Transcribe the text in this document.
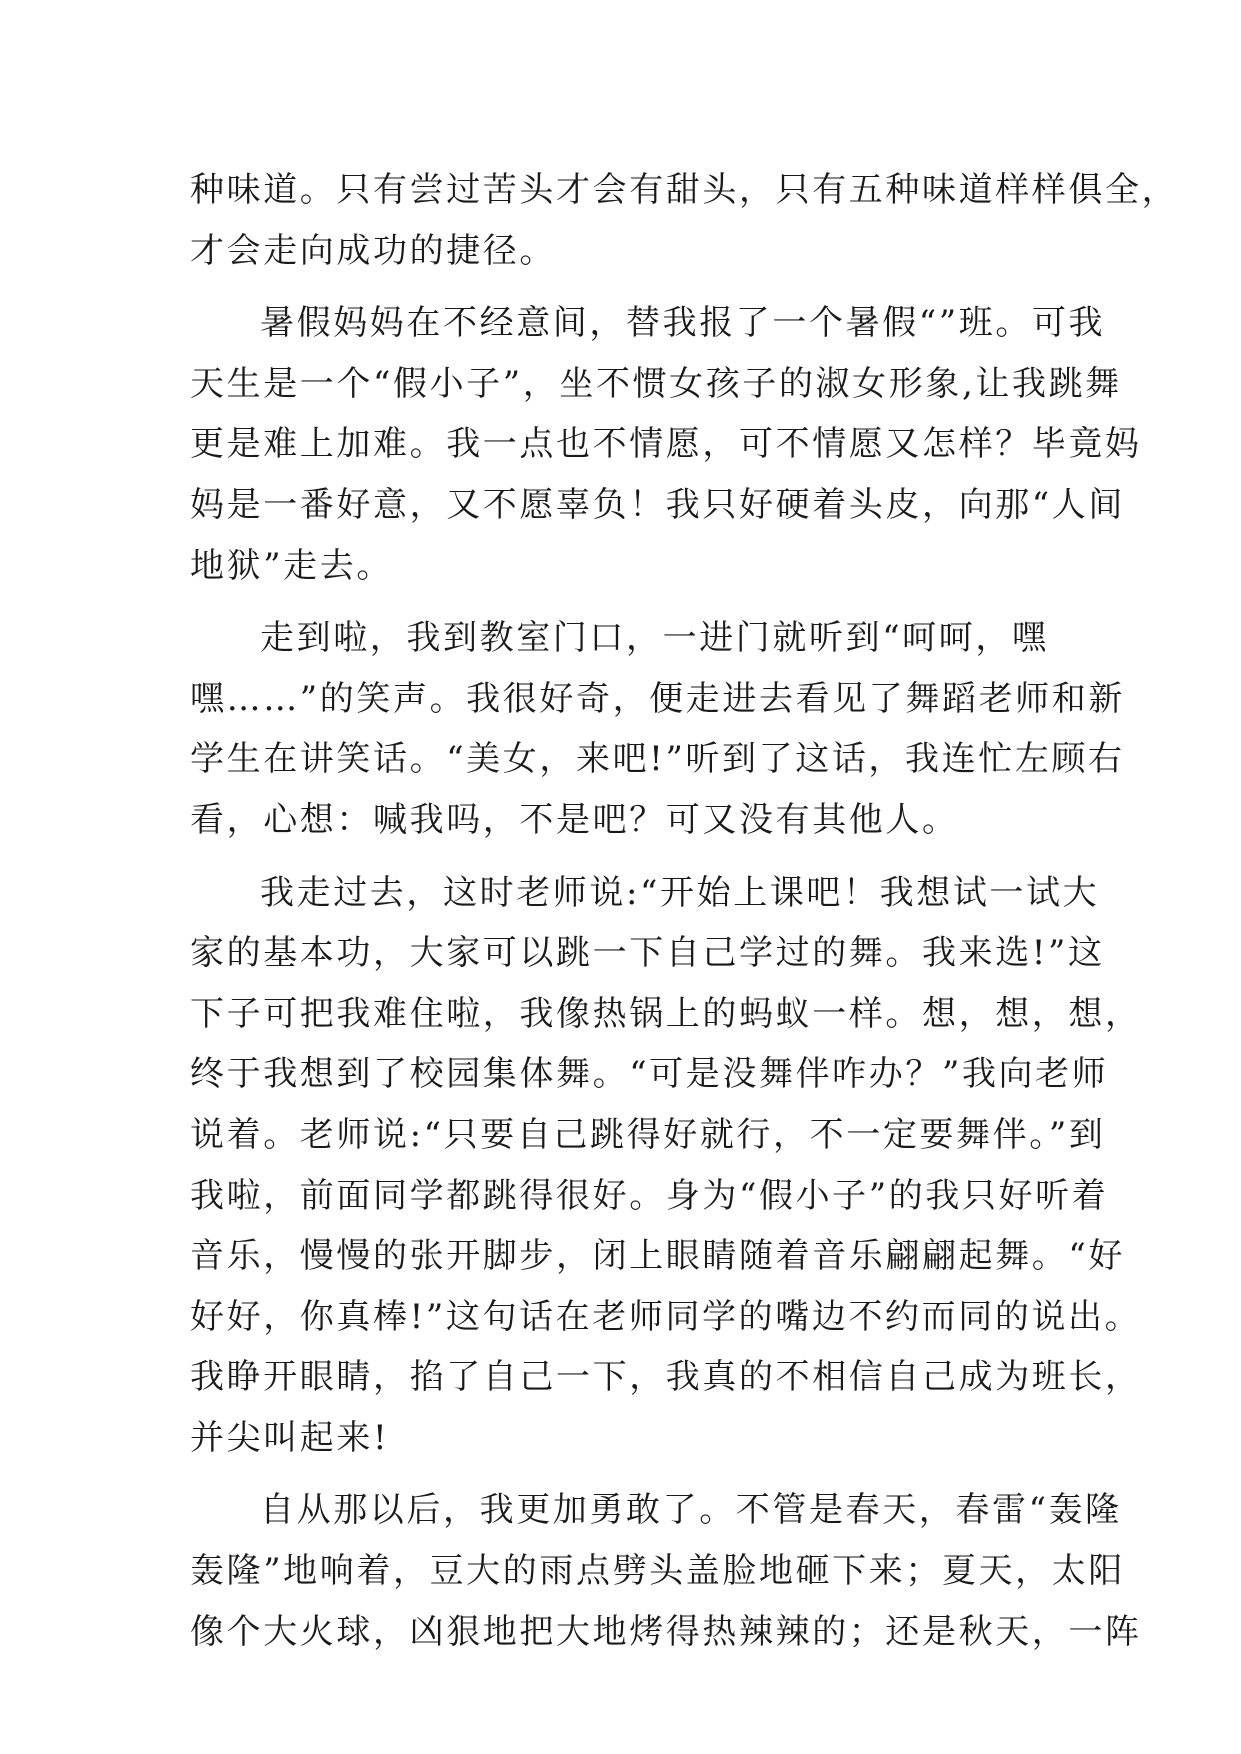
种味道。只有尝过苦头才会有甜头，只有五种味道样样俱全，
才会走向成功的捷径。
暑假妈妈在不经意间，替我报了一个暑假“”班。可我
天生是一个“假小子”，坐不惯女孩子的淑女形象,让我跳舞
更是难上加难。我一点也不情愿，可不情愿又怎样？毕竟妈
妈是一番好意，又不愿辜负！我只好硬着头皮，向那“人间
地狱”走去。
走到啦，我到教室门口，一进门就听到“呵呵，嘿
嘿……”的笑声。我很好奇，便走进去看见了舞蹈老师和新
学生在讲笑话。“美女，来吧!”听到了这话，我连忙左顾右
看，心想：喊我吗，不是吧？可又没有其他人。
我走过去，这时老师说:“开始上课吧！我想试一试大
家的基本功，大家可以跳一下自己学过的舞。我来选!”这
下子可把我难住啦，我像热锅上的蚂蚁一样。想，想，想，
终于我想到了校园集体舞。“可是没舞伴咋办？”我向老师
说着。老师说:“只要自己跳得好就行，不一定要舞伴。”到
我啦，前面同学都跳得很好。身为“假小子”的我只好听着
音乐，慢慢的张开脚步，闭上眼睛随着音乐翩翩起舞。“好
好好，你真棒!”这句话在老师同学的嘴边不约而同的说出。
我睁开眼睛，掐了自己一下，我真的不相信自己成为班长，
并尖叫起来!
自从那以后，我更加勇敢了。不管是春天，春雷“轰隆
轰隆”地响着，豆大的雨点劈头盖脸地砸下来；夏天，太阳
像个大火球，凶狠地把大地烤得热辣辣的；还是秋天，一阵
